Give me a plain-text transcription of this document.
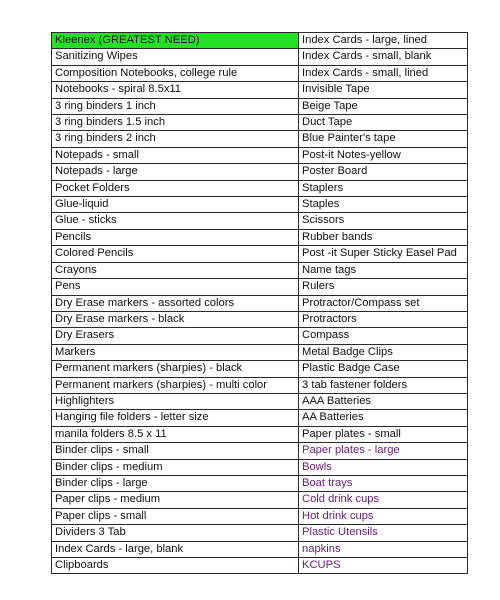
Kleenex (GREATEST NEED)	Index Cards - large, lined
Sanitizing Wipes	Index Cards - small, blank
Composition Notebooks, college rule	Index Cards - small, lined
Notebooks - spiral 8.5x11	Invisible Tape
3 ring binders 1 inch	Beige Tape
3 ring binders 1.5 inch	Duct Tape
3 ring binders 2 inch	Blue Painter's tape
Notepads - small	Post-it Notes-yellow
Notepads - large	Poster Board
Pocket Folders	Staplers
Glue-liquid	Staples
Glue - sticks	Scissors
Pencils	Rubber bands
Colored Pencils	Post -it Super Sticky Easel Pad
Crayons	Name tags
Pens	Rulers
Dry Erase markers - assorted colors	Protractor/Compass set
Dry Erase markers - black	Protractors
Dry Erasers	Compass
Markers	Metal Badge Clips
Permanent markers (sharpies) - black	Plastic Badge Case
Permanent markers (sharpies) - multi color	3 tab fastener folders
Highlighters	AAA Batteries
Hanging file folders - letter size	AA Batteries
manila folders 8.5 x 11	Paper plates - small
Binder clips - small	Paper plates - large
Binder clips - medium	Bowls
Binder clips - large	Boat trays
Paper clips - medium	Cold drink cups
Paper clips - small	Hot drink cups
Dividers 3 Tab	Plastic Utensils
Index Cards - large, blank	napkins
Clipboards	KCUPS
